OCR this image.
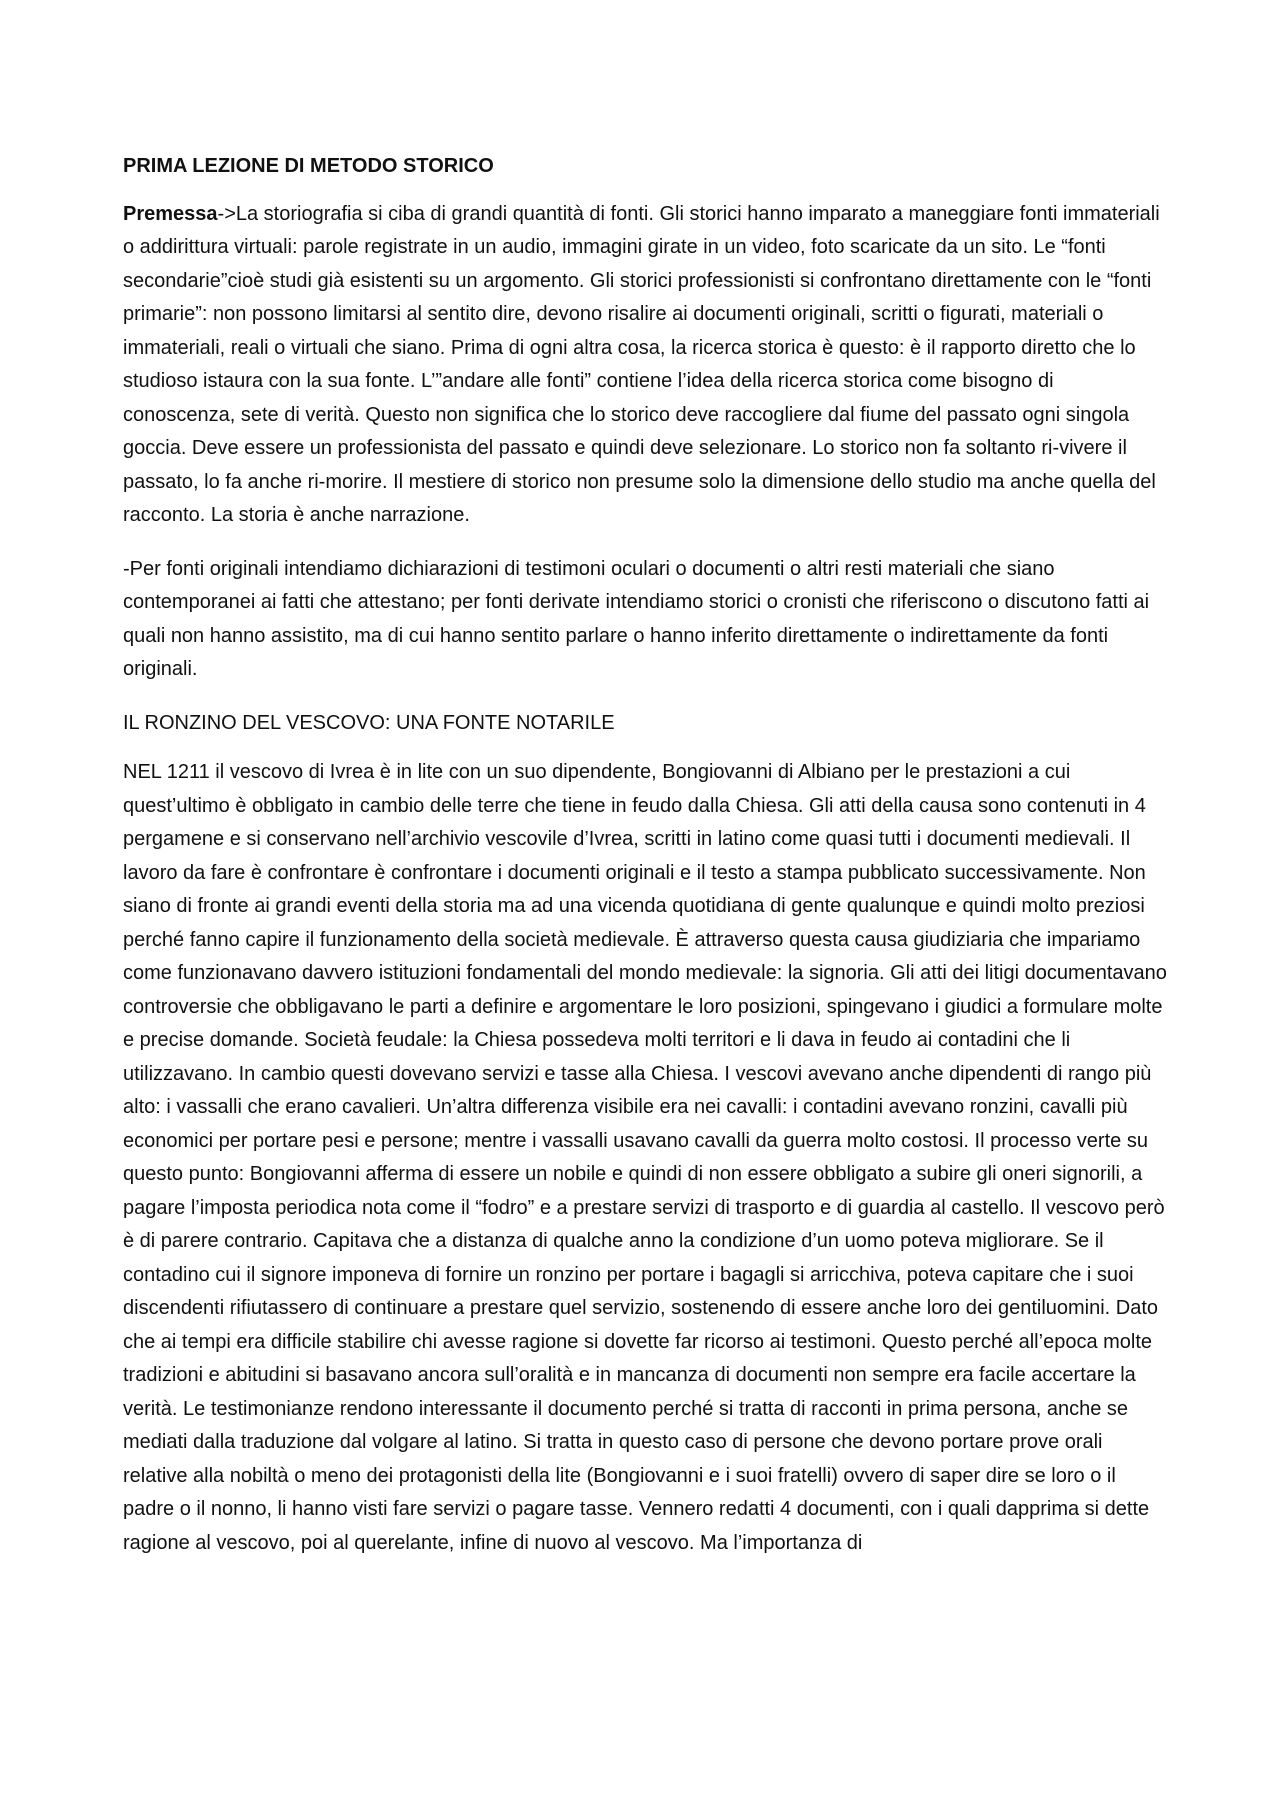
PRIMA LEZIONE DI METODO STORICO

Premessa->La storiografia si ciba di grandi quantità di fonti. Gli storici hanno imparato a maneggiare fonti immateriali o addirittura virtuali: parole registrate in un audio, immagini girate in un video, foto scaricate da un sito. Le “fonti secondarie”cioè studi già esistenti su un argomento. Gli storici professionisti si confrontano direttamente con le “fonti primarie”: non possono limitarsi al sentito dire, devono risalire ai documenti originali, scritti o figurati, materiali o immateriali, reali o virtuali che siano. Prima di ogni altra cosa, la ricerca storica è questo: è il rapporto diretto che lo studioso istaura con la sua fonte. L’”andare alle fonti” contiene l’idea della ricerca storica come bisogno di conoscenza, sete di verità. Questo non significa che lo storico deve raccogliere dal fiume del passato ogni singola goccia. Deve essere un professionista del passato e quindi deve selezionare. Lo storico non fa soltanto ri-vivere il passato, lo fa anche ri-morire. Il mestiere di storico non presume solo la dimensione dello studio ma anche quella del racconto. La storia è anche narrazione.

-Per fonti originali intendiamo dichiarazioni di testimoni oculari o documenti o altri resti materiali che siano contemporanei ai fatti che attestano; per fonti derivate intendiamo storici o cronisti che riferiscono o discutono fatti ai quali non hanno assistito, ma di cui hanno sentito parlare o hanno inferito direttamente o indirettamente da fonti originali.

IL RONZINO DEL VESCOVO: UNA FONTE NOTARILE

NEL 1211 il vescovo di Ivrea è in lite con un suo dipendente, Bongiovanni di Albiano per le prestazioni a cui quest’ultimo è obbligato in cambio delle terre che tiene in feudo dalla Chiesa. Gli atti della causa sono contenuti in 4 pergamene e si conservano nell’archivio vescovile d’Ivrea, scritti in latino come quasi tutti i documenti medievali. Il lavoro da fare è confrontare è confrontare i documenti originali e il testo a stampa pubblicato successivamente. Non siano di fronte ai grandi eventi della storia ma ad una vicenda quotidiana di gente qualunque e quindi molto preziosi perché fanno capire il funzionamento della società medievale. È attraverso questa causa giudiziaria che impariamo come funzionavano davvero istituzioni fondamentali del mondo medievale: la signoria. Gli atti dei litigi documentavano controversie che obbligavano le parti a definire e argomentare le loro posizioni, spingevano i giudici a formulare molte e precise domande. Società feudale: la Chiesa possedeva molti territori e li dava in feudo ai contadini che li utilizzavano. In cambio questi dovevano servizi e tasse alla Chiesa. I vescovi avevano anche dipendenti di rango più alto: i vassalli che erano cavalieri. Un’altra differenza visibile era nei cavalli: i contadini avevano ronzini, cavalli più economici per portare pesi e persone; mentre i vassalli usavano cavalli da guerra molto costosi. Il processo verte su questo punto: Bongiovanni afferma di essere un nobile e quindi di non essere obbligato a subire gli oneri signorili, a pagare l’imposta periodica nota come il “fodro” e a prestare servizi di trasporto e di guardia al castello. Il vescovo però è di parere contrario. Capitava che a distanza di qualche anno la condizione d’un uomo poteva migliorare. Se il contadino cui il signore imponeva di fornire un ronzino per portare i bagagli si arricchiva, poteva capitare che i suoi discendenti rifiutassero di continuare a prestare quel servizio, sostenendo di essere anche loro dei gentiluomini. Dato che ai tempi era difficile stabilire chi avesse ragione si dovette far ricorso ai testimoni. Questo perché all’epoca molte tradizioni e abitudini si basavano ancora sull’oralità e in mancanza di documenti non sempre era facile accertare la verità. Le testimonianze rendono interessante il documento perché si tratta di racconti in prima persona, anche se mediati dalla traduzione dal volgare al latino. Si tratta in questo caso di persone che devono portare prove orali relative alla nobiltà o meno dei protagonisti della lite (Bongiovanni e i suoi fratelli) ovvero di saper dire se loro o il padre o il nonno, li hanno visti fare servizi o pagare tasse. Vennero redatti 4 documenti, con i quali dapprima si dette ragione al vescovo, poi al querelante, infine di nuovo al vescovo. Ma l’importanza di
